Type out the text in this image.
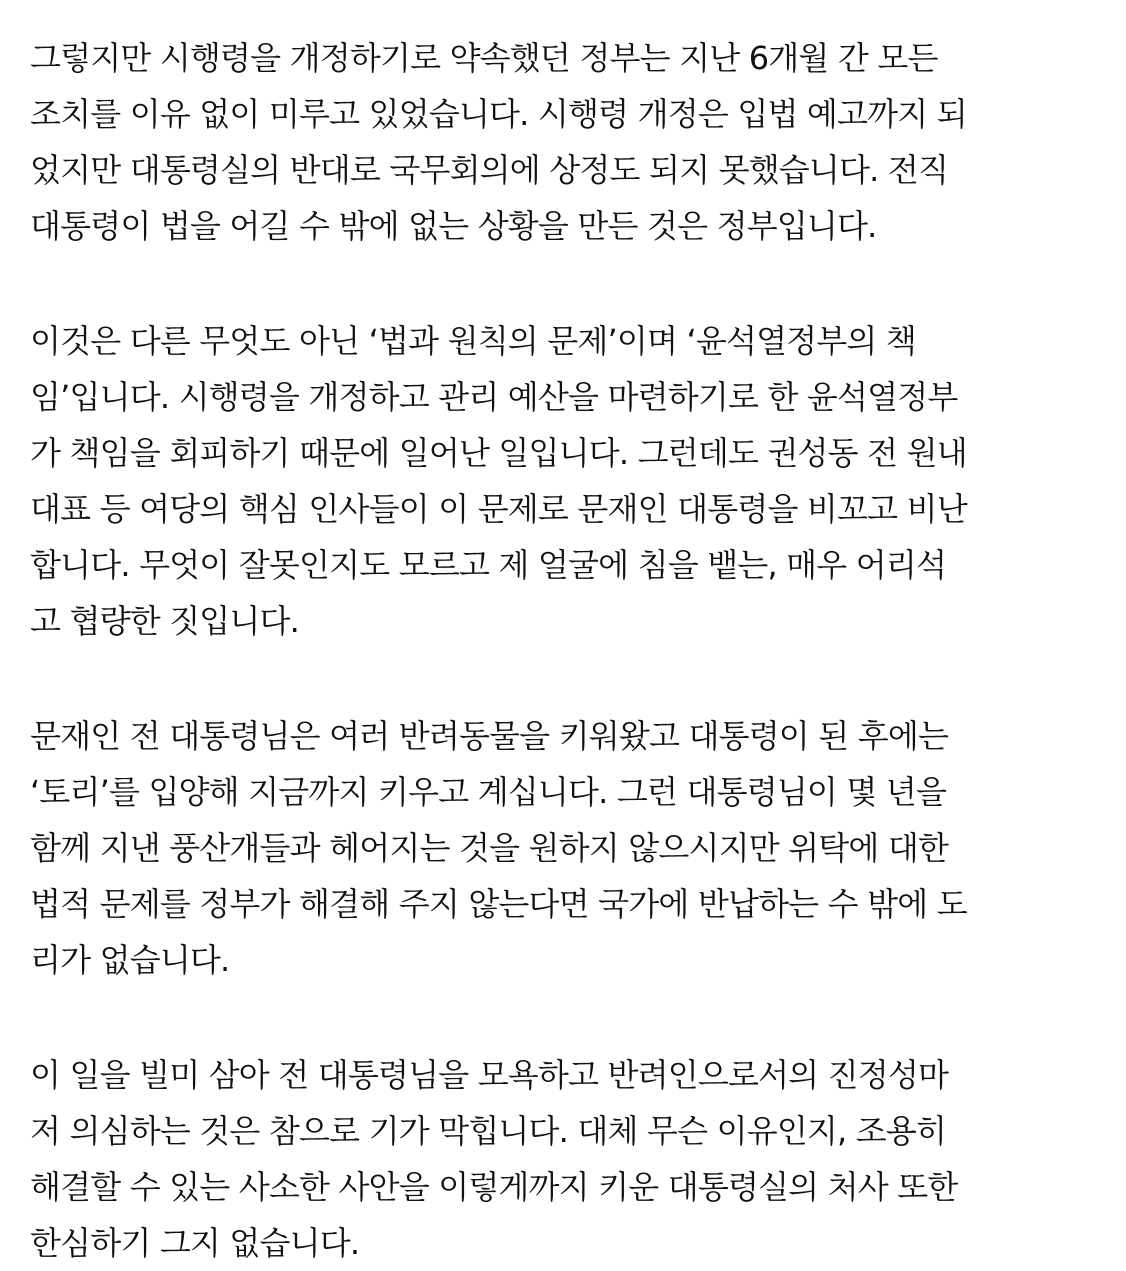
그렇지만 시행령을 개정하기로 약속했던 정부는 지난 6개월 간 모든
조치를 이유 없이 미루고 있었습니다. 시행령 개정은 입법 예고까지 되
었지만 대통령실의 반대로 국무회의에 상정도 되지 못했습니다. 전직
대통령이 법을 어길 수 밖에 없는 상황을 만든 것은 정부입니다.
이것은 다른 무엇도 아닌 ‘법과 원칙의 문제’이며 ‘윤석열정부의 책
임’입니다. 시행령을 개정하고 관리 예산을 마련하기로 한 윤석열정부
가 책임을 회피하기 때문에 일어난 일입니다. 그런데도 권성동 전 원내
대표 등 여당의 핵심 인사들이 이 문제로 문재인 대통령을 비꼬고 비난
합니다. 무엇이 잘못인지도 모르고 제 얼굴에 침을 뱉는, 매우 어리석
고 협량한 짓입니다.
문재인 전 대통령님은 여러 반려동물을 키워왔고 대통령이 된 후에는
‘토리’를 입양해 지금까지 키우고 계십니다. 그런 대통령님이 몇 년을
함께 지낸 풍산개들과 헤어지는 것을 원하지 않으시지만 위탁에 대한
법적 문제를 정부가 해결해 주지 않는다면 국가에 반납하는 수 밖에 도
리가 없습니다.
이 일을 빌미 삼아 전 대통령님을 모욕하고 반려인으로서의 진정성마
저 의심하는 것은 참으로 기가 막힙니다. 대체 무슨 이유인지, 조용히
해결할 수 있는 사소한 사안을 이렇게까지 키운 대통령실의 처사 또한
한심하기 그지 없습니다.
